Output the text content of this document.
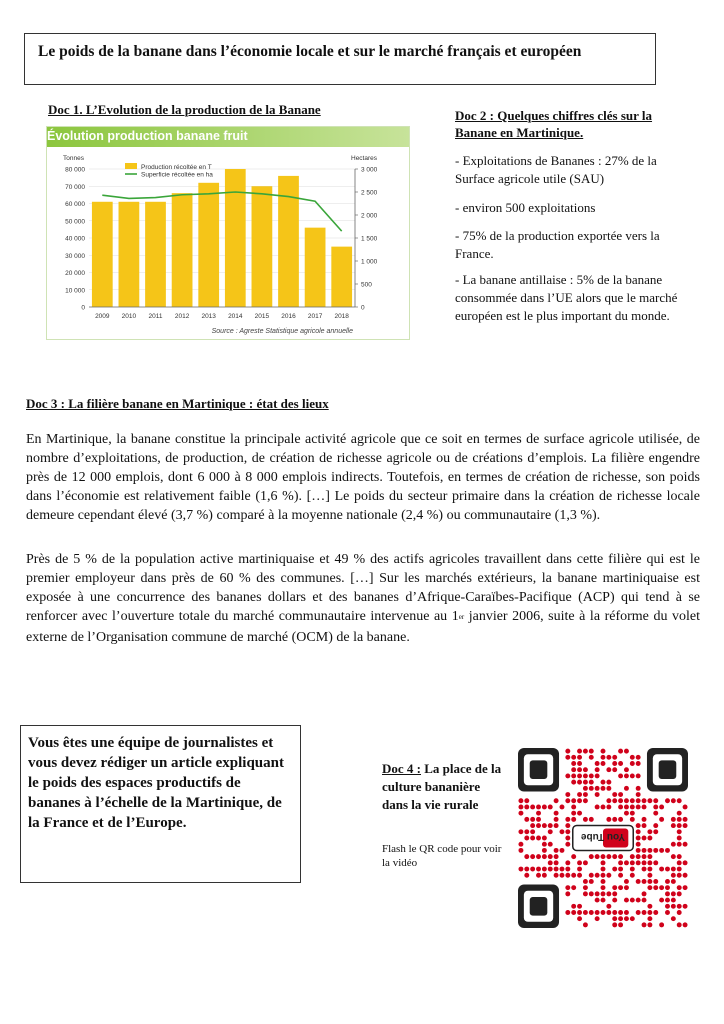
Le poids de la banane dans l’économie locale et sur le marché français et européen
Doc 1. L’Evolution de la production de la Banane
Évolution production banane fruit
0
10 000
20 000
30 000
40 000
50 000
60 000
70 000
80 000
0
500
1 000
1 500
2 000
2 500
3 000
Tonnes	Hectares
2009 2010 2011 2012 2013 2014 2015 2016 2017 2018
Production récoltée en T
Superficie récoltée en ha
Source : Agreste Statistique agricole annuelle
Doc 2 : Quelques chiffres clés sur la Banane en Martinique.
- Exploitations de Bananes : 27% de la Surface agricole utile (SAU)
- environ 500 exploitations
- 75% de la production exportée vers la France.
- La banane antillaise : 5% de la banane consommée dans l’UE alors que le marché européen est le plus important du monde.
Doc 3 : La filière banane en Martinique : état des lieux
En Martinique, la banane constitue la principale activité agricole que ce soit en termes de surface agricole utilisée, de nombre d’exploitations, de production, de création de richesse agricole ou de créations d’emplois. La filière engendre près de 12 000 emplois, dont 6 000 à 8 000 emplois indirects. Toutefois, en termes de création de richesse, son poids dans l’économie est relativement faible (1,6 %). […] Le poids du secteur primaire dans la création de richesse locale demeure cependant élevé (3,7 %) comparé à la moyenne nationale (2,4 %) ou communautaire (1,3 %).
Près de 5 % de la population active martiniquaise et 49 % des actifs agricoles travaillent dans cette filière qui est le premier employeur dans près de 60 % des communes. […] Sur les marchés extérieurs, la banane martiniquaise est exposée à une concurrence des bananes dollars et des bananes d’Afrique-Caraïbes-Pacifique (ACP) qui tend à se renforcer avec l’ouverture totale du marché communautaire intervenue au 1er janvier 2006, suite à la réforme du volet externe de l’Organisation commune de marché (OCM) de la banane.
Vous êtes une équipe de journalistes et vous devez rédiger un article expliquant le poids des espaces productifs de bananes à l’échelle de la Martinique, de la France et de l’Europe.
Doc 4 : La place de la culture bananière dans la vie rurale
Flash le QR code pour voir la vidéo
You Tube
